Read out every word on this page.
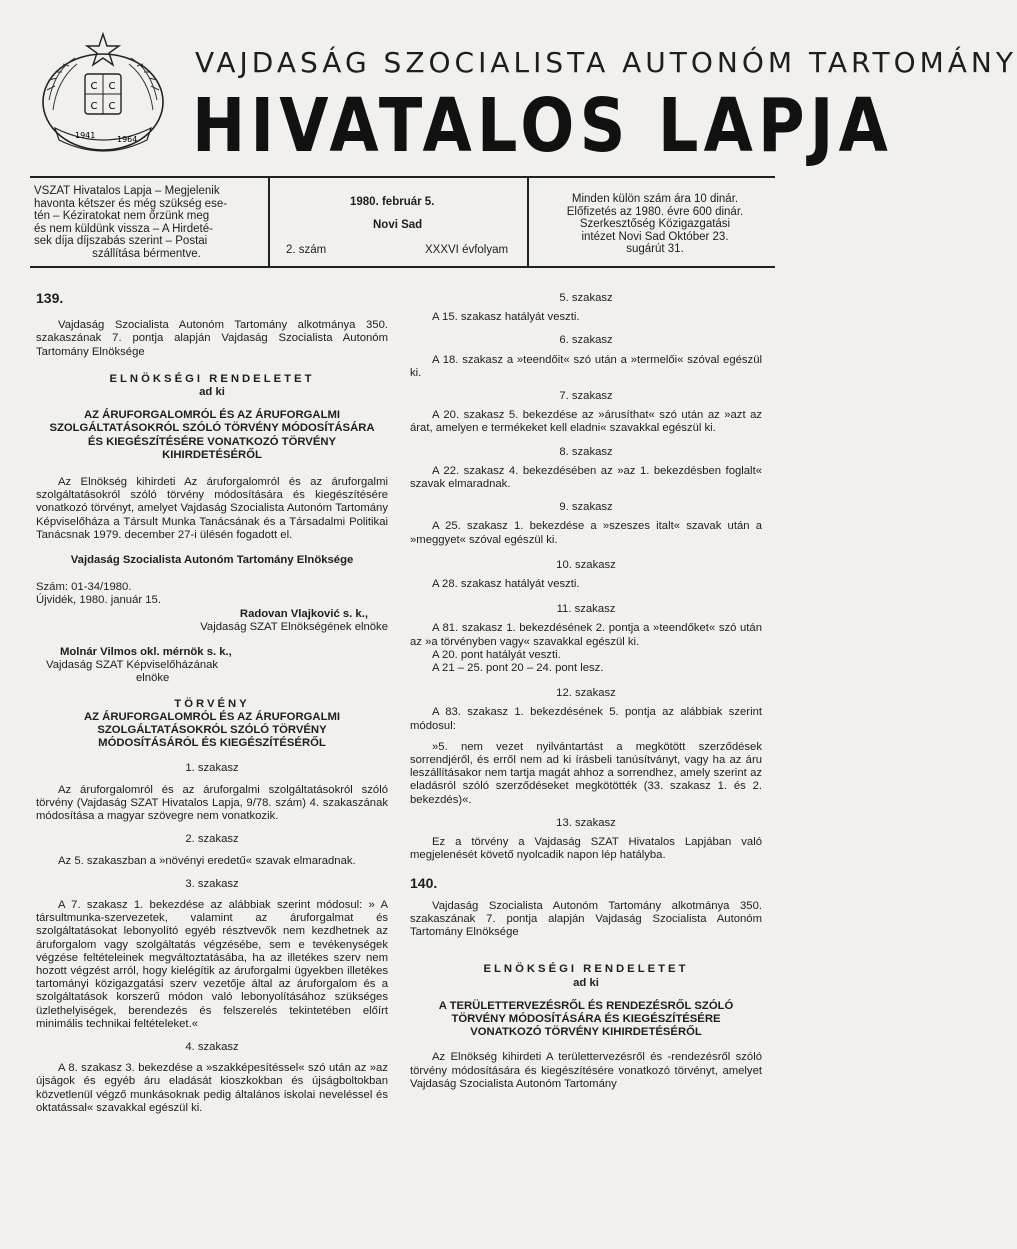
C C
C C
1941	1964
VAJDASÁG SZOCIALISTA AUTONÓM TARTOMÁNY
HIVATALOS LAPJA
VSZAT Hivatalos Lapja – Megjelenik
havonta kétszer és még szükség ese-
tén – Kéziratokat nem őrzünk meg
és nem küldünk vissza – A Hirdeté-
sek díja díjszabás szerint – Postai
szállítása bérmentve.
1980. február 5.
Novi Sad
2. szám	XXXVI évfolyam
Minden külön szám ára 10 dinár.
Előfizetés az 1980. évre 600 dinár.
Szerkesztőség Közigazgatási
intézet Novi Sad Október 23.
sugárút 31.
139.

Vajdaság Szocialista Autonóm Tartomány alkotmánya 350. szakaszának 7. pontja alapján Vajdaság Szocialista Autonóm Tartomány Elnöksége

ELNÖKSÉGI RENDELETET
ad ki
AZ ÁRUFORGALOMRÓL ÉS AZ ÁRUFORGALMI SZOLGÁLTATÁSOKRÓL SZÓLÓ TÖRVÉNY MÓDOSÍTÁSÁRA ÉS KIEGÉSZÍTÉSÉRE VONATKOZÓ TÖRVÉNY KIHIRDETÉSÉRŐL

Az Elnökség kihirdeti Az áruforgalomról és az áruforgalmi szolgáltatásokról szóló törvény módosítására és kiegészítésére vonatkozó törvényt, amelyet Vajdaság Szocialista Autonóm Tartomány Képviselőháza a Társult Munka Tanácsának és a Társadalmi Politikai Tanácsnak 1979. december 27-i ülésén fogadott el.

Vajdaság Szocialista Autonóm Tartomány Elnöksége
Szám: 01-34/1980.
Újvidék, 1980. január 15.
Radovan Vlajković s. k.,
Vajdaság SZAT Elnökségének elnöke
Molnár Vilmos okl. mérnök s. k.,
Vajdaság SZAT Képviselőházának
elnöke
TÖRVÉNY
AZ ÁRUFORGALOMRÓL ÉS AZ ÁRUFORGALMI SZOLGÁLTATÁSOKRÓL SZÓLÓ TÖRVÉNY MÓDOSÍTÁSÁRÓL ÉS KIEGÉSZÍTÉSÉRŐL
1. szakasz

Az áruforgalomról és az áruforgalmi szolgáltatásokról szóló törvény (Vajdaság SZAT Hivatalos Lapja, 9/78. szám) 4. szakaszának módosítása a magyar szövegre nem vonatkozik.

2. szakasz

Az 5. szakaszban a »növényi eredetű« szavak elmaradnak.

3. szakasz

A 7. szakasz 1. bekezdése az alábbiak szerint módosul: » A társultmunka-szervezetek, valamint az áruforgalmat és szolgáltatásokat lebonyolító egyéb résztvevők nem kezdhetnek az áruforgalom vagy szolgáltatás végzésébe, sem e tevékenységek végzése feltételeinek megváltoztatásába, ha az illetékes szerv nem hozott végzést arról, hogy kielégítik az áruforgalmi ügyekben illetékes tartományi közigazgatási szerv vezetője által az áruforgalom és a szolgáltatások korszerű módon való lebonyolításához szükséges üzlethelyiségek, berendezés és felszerelés tekintetében előírt minimális technikai feltételeket.«

4. szakasz

A 8. szakasz 3. bekezdése a »szakképesítéssel« szó után az »az újságok és egyéb áru eladását kioszkokban és újságboltokban közvetlenül végző munkásoknak pedig általános iskolai neveléssel és oktatással« szavakkal egészül ki.

5. szakasz

A 15. szakasz hatályát veszti.

6. szakasz

A 18. szakasz a »teendőit« szó után a »termelői« szóval egészül ki.

7. szakasz

A 20. szakasz 5. bekezdése az »árusíthat« szó után az »azt az árat, amelyen e termékeket kell eladni« szavakkal egészül ki.

8. szakasz

A 22. szakasz 4. bekezdésében az »az 1. bekezdésben foglalt« szavak elmaradnak.

9. szakasz

A 25. szakasz 1. bekezdése a »szeszes italt« szavak után a »meggyet« szóval egészül ki.

10. szakasz

A 28. szakasz hatályát veszti.

11. szakasz

A 81. szakasz 1. bekezdésének 2. pontja a »teendőket« szó után az »a törvényben vagy« szavakkal egészül ki.

A 20. pont hatályát veszti.

A 21 – 25. pont 20 – 24. pont lesz.

12. szakasz

A 83. szakasz 1. bekezdésének 5. pontja az alábbiak szerint módosul:

»5. nem vezet nyilvántartást a megkötött szerződések sorrendjéről, és erről nem ad ki írásbeli tanúsítványt, vagy ha az áru leszállításakor nem tartja magát ahhoz a sorrendhez, amely szerint az eladásról szóló szerződéseket megkötötték (33. szakasz 1. és 2. bekezdés)«.

13. szakasz

Ez a törvény a Vajdaság SZAT Hivatalos Lapjában való megjelenését követő nyolcadik napon lép hatályba.

140.

Vajdaság Szocialista Autonóm Tartomány alkotmánya 350. szakaszának 7. pontja alapján Vajdaság Szocialista Autonóm Tartomány Elnöksége

ELNÖKSÉGI RENDELETET
ad ki
A TERÜLETTERVEZÉSRŐL ÉS RENDEZÉSRŐL SZÓLÓ TÖRVÉNY MÓDOSÍTÁSÁRA ÉS KIEGÉSZÍTÉSÉRE VONATKOZÓ TÖRVÉNY KIHIRDETÉSÉRŐL

Az Elnökség kihirdeti A területtervezésről és -rendezésről szóló törvény módosítására és kiegészítésére vonatkozó törvényt, amelyet Vajdaság Szocialista Autonóm Tartomány
